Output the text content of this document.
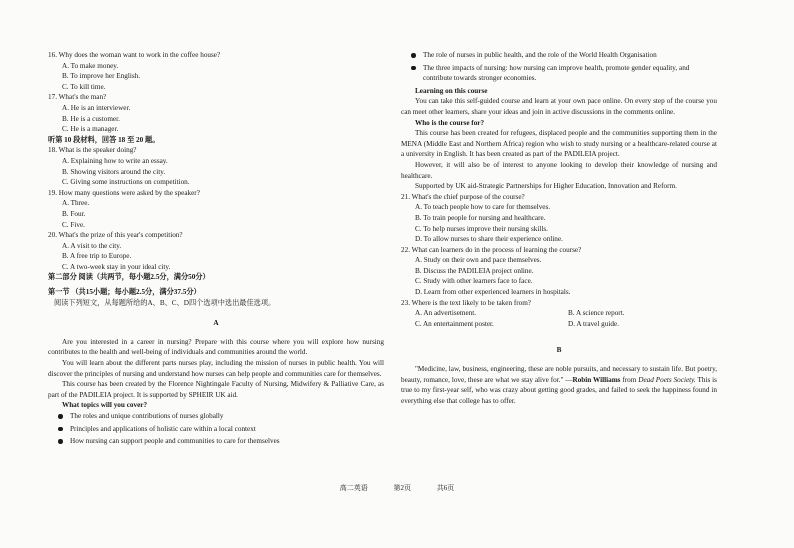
16. Why does the woman want to work in the coffee house?

A. To make money.

B. To improve her English.

C. To kill time.

17. What's the man?

A. He is an interviewer.

B. He is a customer.

C. He is a manager.

听第 10 段材料，回答 18 至 20 题。

18. What is the speaker doing?

A. Explaining how to write an essay.

B. Showing visitors around the city.

C. Giving some instructions on competition.

19. How many questions were asked by the speaker?

A. Three.

B. Four.

C. Five.

20. What's the prize of this year's competition?

A. A visit to the city.

B. A free trip to Europe.

C. A two-week stay in your ideal city.

第二部分 阅读（共两节，每小题2.5分，满分50分）

第一节 （共15小题；每小题2.5分，满分37.5分）

阅读下列短文，从每题所给的A、B、C、D四个选项中选出最佳选项。

A

Are you interested in a career in nursing? Prepare with this course where you will explore how nursing contributes to the health and well-being of individuals and communities around the world.

You will learn about the different parts nurses play, including the mission of nurses in public health. You will discover the principles of nursing and understand how nurses can help people and communities care for themselves.

This course has been created by the Florence Nightingale Faculty of Nursing, Midwifery & Palliative Care, as part of the PADILEIA project. It is supported by SPHEIR UK aid.

What topics will you cover?

The roles and unique contributions of nurses globally
Principles and applications of holistic care within a local context
How nursing can support people and communities to care for themselves
The role of nurses in public health, and the role of the World Health Organisation
The three impacts of nursing: how nursing can improve health, promote gender equality, and contribute towards stronger economies.

Learning on this course

You can take this self-guided course and learn at your own pace online. On every step of the course you can meet other learners, share your ideas and join in active discussions in the comments online.

Who is the course for?

This course has been created for refugees, displaced people and the communities supporting them in the MENA (Middle East and Northern Africa) region who wish to study nursing or a healthcare-related course at a university in English. It has been created as part of the PADILEIA project.

However, it will also be of interest to anyone looking to develop their knowledge of nursing and healthcare.

Supported by UK aid-Strategic Partnerships for Higher Education, Innovation and Reform.

21. What's the chief purpose of the course?

A. To teach people how to care for themselves.

B. To train people for nursing and healthcare.

C. To help nurses improve their nursing skills.

D. To allow nurses to share their experience online.

22. What can learners do in the process of learning the course?

A. Study on their own and pace themselves.

B. Discuss the PADILEIA project online.

C. Study with other learners face to face.

D. Learn from other experienced learners in hospitals.

23. Where is the text likely to be taken from?

A. An advertisement.	B. A science report.
C. An entertainment poster.	D. A travel guide.

B

"Medicine, law, business, engineering, these are noble pursuits, and necessary to sustain life. But poetry, beauty, romance, love, these are what we stay alive for." —Robin Williams from Dead Poets Society. This is true to my first-year self, who was crazy about getting good grades, and failed to seek the happiness found in everything else that college has to offer.

高二英语	第2页	共6页
